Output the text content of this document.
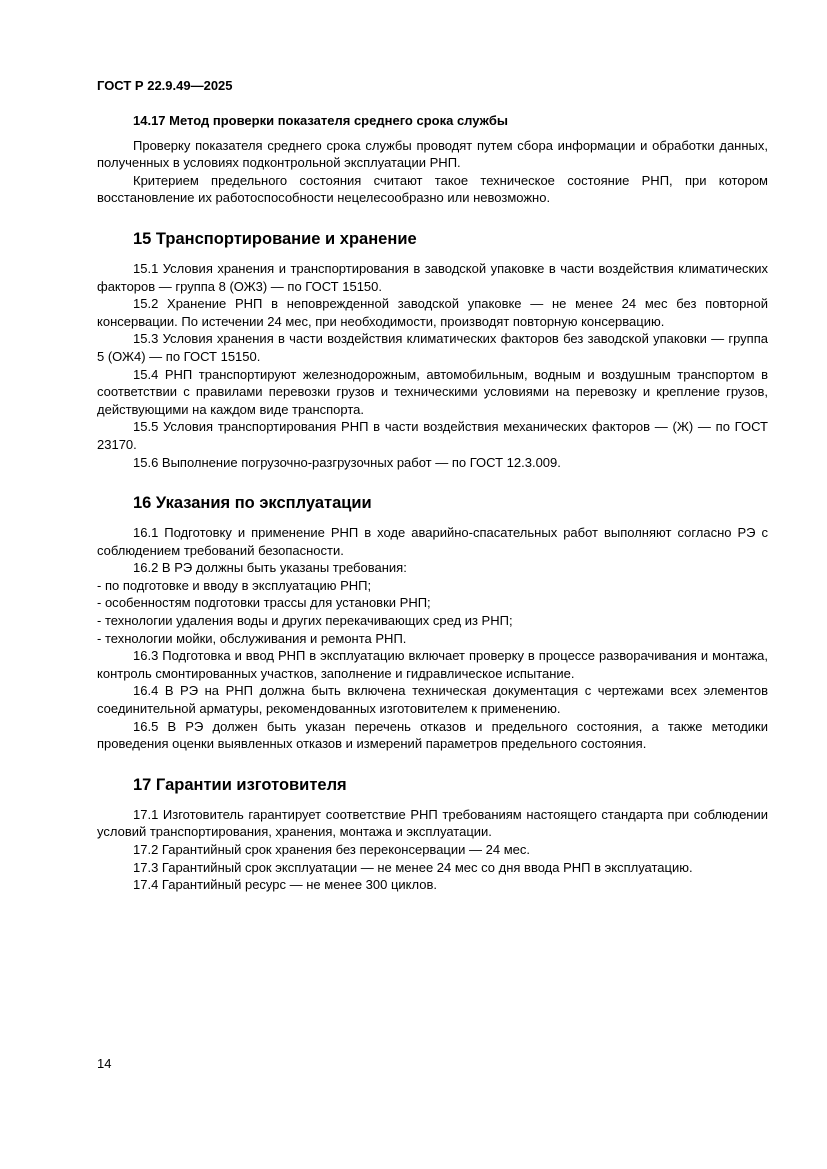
ГОСТ Р 22.9.49—2025
14.17 Метод проверки показателя среднего срока службы

Проверку показателя среднего срока службы проводят путем сбора информации и обработки данных, полученных в условиях подконтрольной эксплуатации РНП.

Критерием предельного состояния считают такое техническое состояние РНП, при котором восстановление их работоспособности нецелесообразно или невозможно.

15 Транспортирование и хранение

15.1 Условия хранения и транспортирования в заводской упаковке в части воздействия климатических факторов — группа 8 (ОЖ3) — по ГОСТ 15150.

15.2 Хранение РНП в неповрежденной заводской упаковке — не менее 24 мес без повторной консервации. По истечении 24 мес, при необходимости, производят повторную консервацию.

15.3 Условия хранения в части воздействия климатических факторов без заводской упаковки — группа 5 (ОЖ4) — по ГОСТ 15150.

15.4 РНП транспортируют железнодорожным, автомобильным, водным и воздушным транспортом в соответствии с правилами перевозки грузов и техническими условиями на перевозку и крепление грузов, действующими на каждом виде транспорта.

15.5 Условия транспортирования РНП в части воздействия механических факторов — (Ж) — по ГОСТ 23170.

15.6 Выполнение погрузочно-разгрузочных работ — по ГОСТ 12.3.009.

16 Указания по эксплуатации

16.1 Подготовку и применение РНП в ходе аварийно-спасательных работ выполняют согласно РЭ с соблюдением требований безопасности.

16.2 В РЭ должны быть указаны требования:

- по подготовке и вводу в эксплуатацию РНП;

- особенностям подготовки трассы для установки РНП;

- технологии удаления воды и других перекачивающих сред из РНП;

- технологии мойки, обслуживания и ремонта РНП.

16.3 Подготовка и ввод РНП в эксплуатацию включает проверку в процессе разворачивания и монтажа, контроль смонтированных участков, заполнение и гидравлическое испытание.

16.4 В РЭ на РНП должна быть включена техническая документация с чертежами всех элементов соединительной арматуры, рекомендованных изготовителем к применению.

16.5 В РЭ должен быть указан перечень отказов и предельного состояния, а также методики проведения оценки выявленных отказов и измерений параметров предельного состояния.

17 Гарантии изготовителя

17.1 Изготовитель гарантирует соответствие РНП требованиям настоящего стандарта при соблюдении условий транспортирования, хранения, монтажа и эксплуатации.

17.2 Гарантийный срок хранения без переконсервации — 24 мес.

17.3 Гарантийный срок эксплуатации — не менее 24 мес со дня ввода РНП в эксплуатацию.

17.4 Гарантийный ресурс — не менее 300 циклов.

14
